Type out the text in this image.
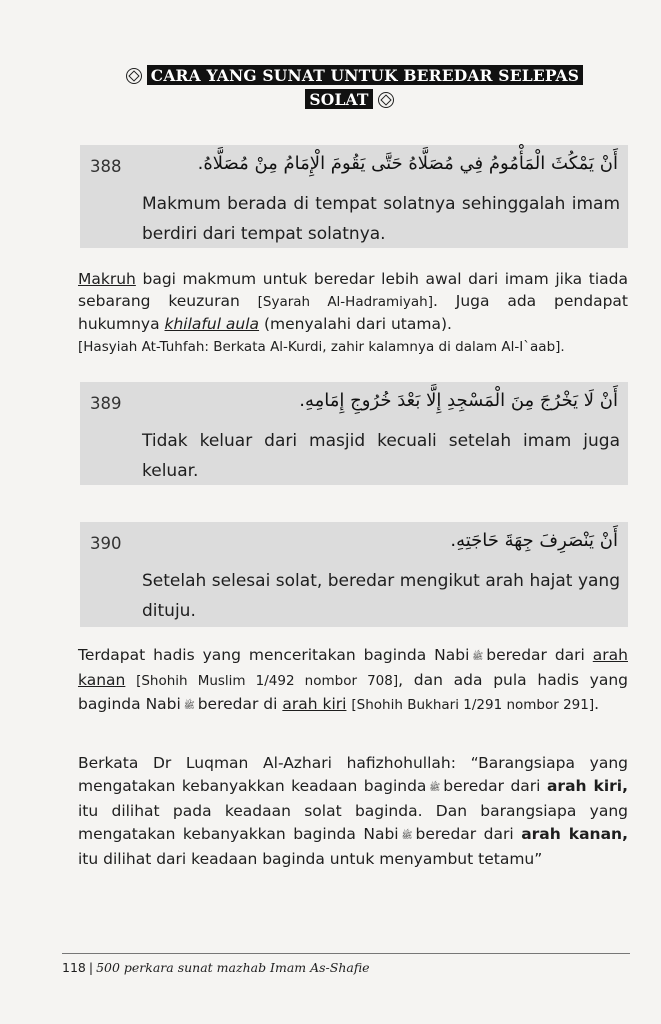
CARA YANG SUNAT UNTUK BEREDAR SELEPAS
SOLAT
388	أَنْ يَمْكُثَ الْمَأْمُومُ فِي مُصَلَّاهُ حَتَّى يَقُومَ الْإِمَامُ مِنْ مُصَلَّاهُ.
Makmum berada di tempat solatnya sehinggalah imam berdiri dari tempat solatnya.
Makruh bagi makmum untuk beredar lebih awal dari imam jika tiada sebarang keuzuran [Syarah Al-Hadramiyah]. Juga ada pendapat hukumnya khilaful aula (menyalahi dari utama).
[Hasyiah At-Tuhfah: Berkata Al-Kurdi, zahir kalamnya di dalam Al-I`aab].
389	أَنْ لَا يَخْرُجَ مِنَ الْمَسْجِدِ إِلَّا بَعْدَ خُرُوجِ إِمَامِهِ.
Tidak keluar dari masjid kecuali setelah imam juga keluar.
390	أَنْ يَنْصَرِفَ جِهَةَ حَاجَتِهِ.
Setelah selesai solat, beredar mengikut arah hajat yang dituju.
Terdapat hadis yang menceritakan baginda Nabi ﷺ beredar dari arah kanan [Shohih Muslim 1/492 nombor 708], dan ada pula hadis yang baginda Nabi ﷺ beredar di arah kiri [Shohih Bukhari 1/291 nombor 291].
Berkata Dr Luqman Al-Azhari hafizhohullah: “Barangsiapa yang mengatakan kebanyakkan keadaan baginda ﷺ beredar dari arah kiri, itu dilihat pada keadaan solat baginda. Dan barangsiapa yang mengatakan kebanyakkan baginda Nabi ﷺ beredar dari arah kanan, itu dilihat dari keadaan baginda untuk menyambut tetamu”
118 | 500 perkara sunat mazhab Imam As-Shafie
